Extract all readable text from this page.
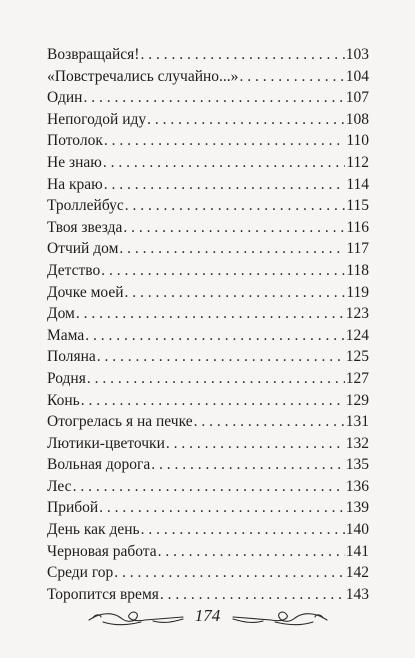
Возвращайся! . . .	103
«Повстречались случайно...» . . .	104
Один . . .	107
Непогодой иду . . .	108
Потолок . . .	110
Не знаю . . .	112
На краю . . .	114
Троллейбус . . .	115
Твоя звезда . . .	116
Отчий дом . . .	117
Детство . . .	118
Дочке моей . . .	119
Дом . . .	123
Мама . . .	124
Поляна . . .	125
Родня . . .	127
Конь . . .	129
Отогрелась я на печке . . .	131
Лютики-цветочки . . .	132
Вольная дорога . . .	135
Лес . . .	136
Прибой . . .	139
День как день . . .	140
Черновая работа . . .	141
Среди гор . . .	142
Торопится время . . .	143
174
